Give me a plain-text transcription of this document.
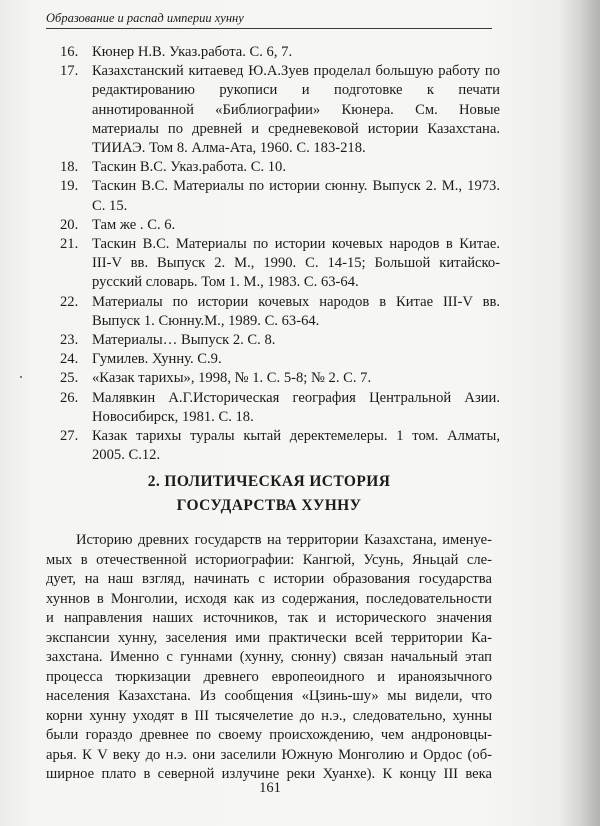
Образование и распад империи хунну
16. Кюнер Н.В. Указ.работа. С. 6, 7.
17. Казахстанский китаевед Ю.А.Зуев проделал большую работу по редактированию рукописи и подготовке к печати аннотированной «Библиографии» Кюнера. См. Новые материалы по древней и средневековой истории Казахстана. ТИИАЭ. Том 8. Алма-Ата, 1960. С. 183-218.
18. Таскин В.С. Указ.работа. С. 10.
19. Таскин В.С. Материалы по истории сюнну. Выпуск 2. М., 1973. С. 15.
20. Там же . С. 6.
21. Таскин В.С. Материалы по истории кочевых народов в Китае. III-V вв. Выпуск 2. М., 1990. С. 14-15; Большой китайско-русский словарь. Том 1. М., 1983. С. 63-64.
22. Материалы по истории кочевых народов в Китае III-V вв. Выпуск 1. Сюнну.М., 1989. С. 63-64.
23. Материалы… Выпуск 2. С. 8.
24. Гумилев. Хунну. С.9.
25. «Казак тарихы», 1998, № 1. С. 5-8; № 2. С. 7.
26. Малявкин А.Г.Историческая география Центральной Азии. Новосибирск, 1981. С. 18.
27. Казак тарихы туралы кытай деректемелеры. 1 том. Алматы, 2005. С.12.
2. ПОЛИТИЧЕСКАЯ ИСТОРИЯ
ГОСУДАРСТВА ХУННУ
Историю древних государств на территории Казахстана, именуе-
мых в отечественной историографии: Кангюй, Усунь, Яньцай сле-
дует, на наш взгляд, начинать с истории образования государства
хуннов в Монголии, исходя как из содержания, последовательности
и направления наших источников, так и исторического значения
экспансии хунну, заселения ими практически всей территории Ка-
захстана. Именно с гуннами (хунну, сюнну) связан начальный этап
процесса тюркизации древнего европеоидного и ираноязычного
населения Казахстана. Из сообщения «Цзинь-шу» мы видели, что
корни хунну уходят в III тысячелетие до н.э., следовательно, хунны
были гораздо древнее по своему происхождению, чем андроновцы-
арья. К V веку до н.э. они заселили Южную Монголию и Ордос (об-
ширное плато в северной излучине реки Хуанхе). К концу III века
161
